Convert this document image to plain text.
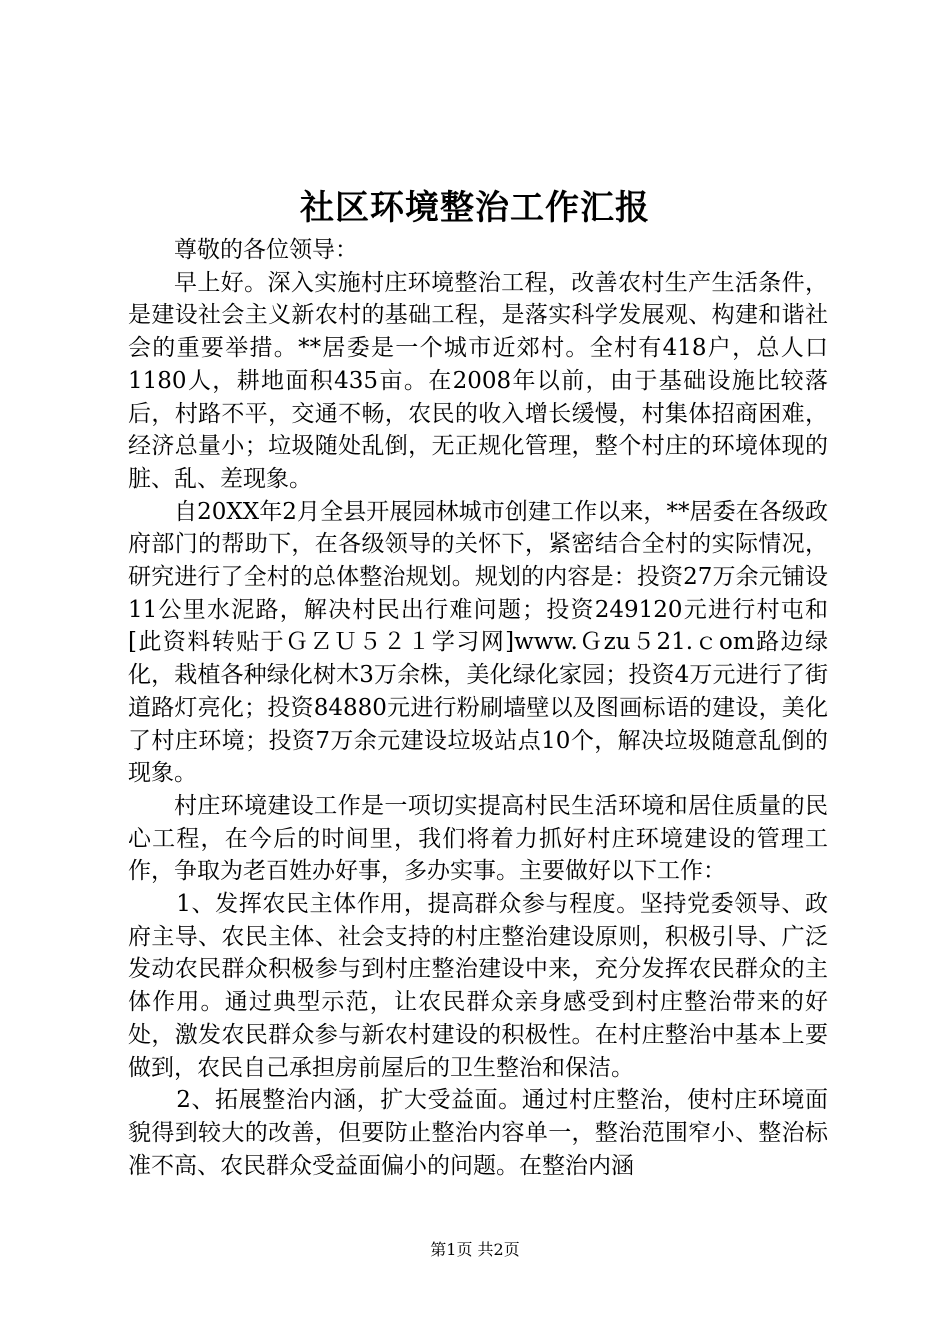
社区环境整治工作汇报

尊敬的各位领导：

早上好。深入实施村庄环境整治工程，改善农村生产生活条件，是建设社会主义新农村的基础工程，是落实科学发展观、构建和谐社会的重要举措。**居委是一个城市近郊村。全村有418户，总人口1180人，耕地面积435亩。在2008年以前，由于基础设施比较落后，村路不平，交通不畅，农民的收入增长缓慢，村集体招商困难，经济总量小；垃圾随处乱倒，无正规化管理，整个村庄的环境体现的脏、乱、差现象。

自20XX年2月全县开展园林城市创建工作以来，**居委在各级政府部门的帮助下，在各级领导的关怀下，紧密结合全村的实际情况，研究进行了全村的总体整治规划。规划的内容是：投资27万余元铺设11公里水泥路，解决村民出行难问题；投资249120元进行村屯和[此资料转贴于ＧＺＵ５２１学习网]www.Ｇzu５21.ｃom路边绿化，栽植各种绿化树木3万余株，美化绿化家园；投资4万元进行了街道路灯亮化；投资84880元进行粉刷墙壁以及图画标语的建设，美化了村庄环境；投资7万余元建设垃圾站点10个，解决垃圾随意乱倒的现象。

村庄环境建设工作是一项切实提高村民生活环境和居住质量的民心工程，在今后的时间里，我们将着力抓好村庄环境建设的管理工作，争取为老百姓办好事，多办实事。主要做好以下工作：

1、发挥农民主体作用，提高群众参与程度。坚持党委领导、政府主导、农民主体、社会支持的村庄整治建设原则，积极引导、广泛发动农民群众积极参与到村庄整治建设中来，充分发挥农民群众的主体作用。通过典型示范，让农民群众亲身感受到村庄整治带来的好处，激发农民群众参与新农村建设的积极性。在村庄整治中基本上要做到，农民自己承担房前屋后的卫生整治和保洁。

2、拓展整治内涵，扩大受益面。通过村庄整治，使村庄环境面貌得到较大的改善，但要防止整治内容单一，整治范围窄小、整治标准不高、农民群众受益面偏小的问题。在整治内涵

第1页 共2页
